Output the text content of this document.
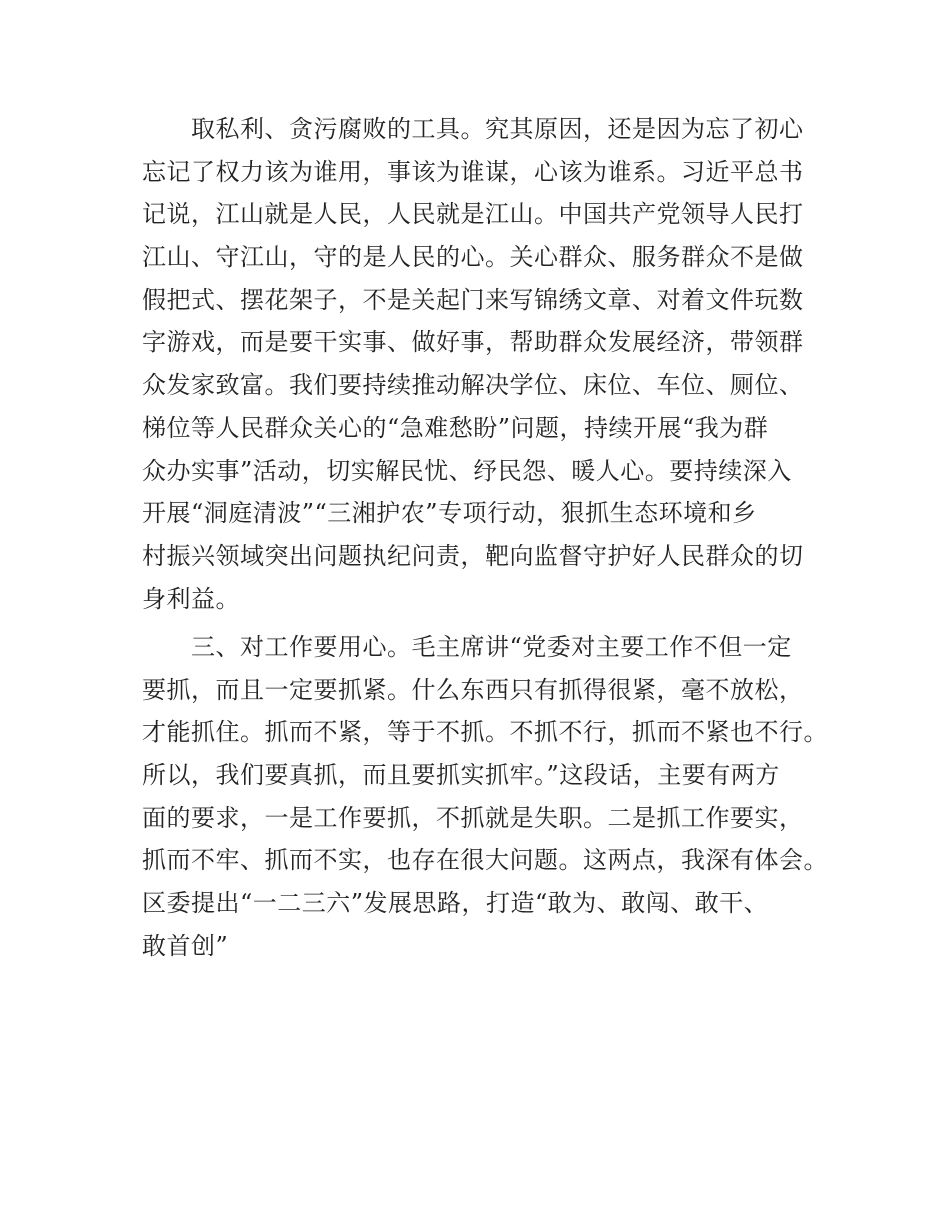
取私利、贪污腐败的工具。究其原因，还是因为忘了初心

忘记了权力该为谁用，事该为谁谋，心该为谁系。习近平总书

记说，江山就是人民，人民就是江山。中国共产党领导人民打

江山、守江山，守的是人民的心。关心群众、服务群众不是做

假把式、摆花架子，不是关起门来写锦绣文章、对着文件玩数

字游戏，而是要干实事、做好事，帮助群众发展经济，带领群

众发家致富。我们要持续推动解决学位、床位、车位、厕位、

梯位等人民群众关心的“急难愁盼”问题，持续开展“我为群

众办实事”活动，切实解民忧、纾民怨、暖人心。要持续深入

开展“洞庭清波”“三湘护农”专项行动，狠抓生态环境和乡

村振兴领域突出问题执纪问责，靶向监督守护好人民群众的切

身利益。

三、对工作要用心。毛主席讲“党委对主要工作不但一定

要抓，而且一定要抓紧。什么东西只有抓得很紧，毫不放松，

才能抓住。抓而不紧，等于不抓。不抓不行，抓而不紧也不行。

所以，我们要真抓，而且要抓实抓牢。”这段话，主要有两方

面的要求，一是工作要抓，不抓就是失职。二是抓工作要实，

抓而不牢、抓而不实，也存在很大问题。这两点，我深有体会。

区委提出“一二三六”发展思路，打造“敢为、敢闯、敢干、

敢首创”
